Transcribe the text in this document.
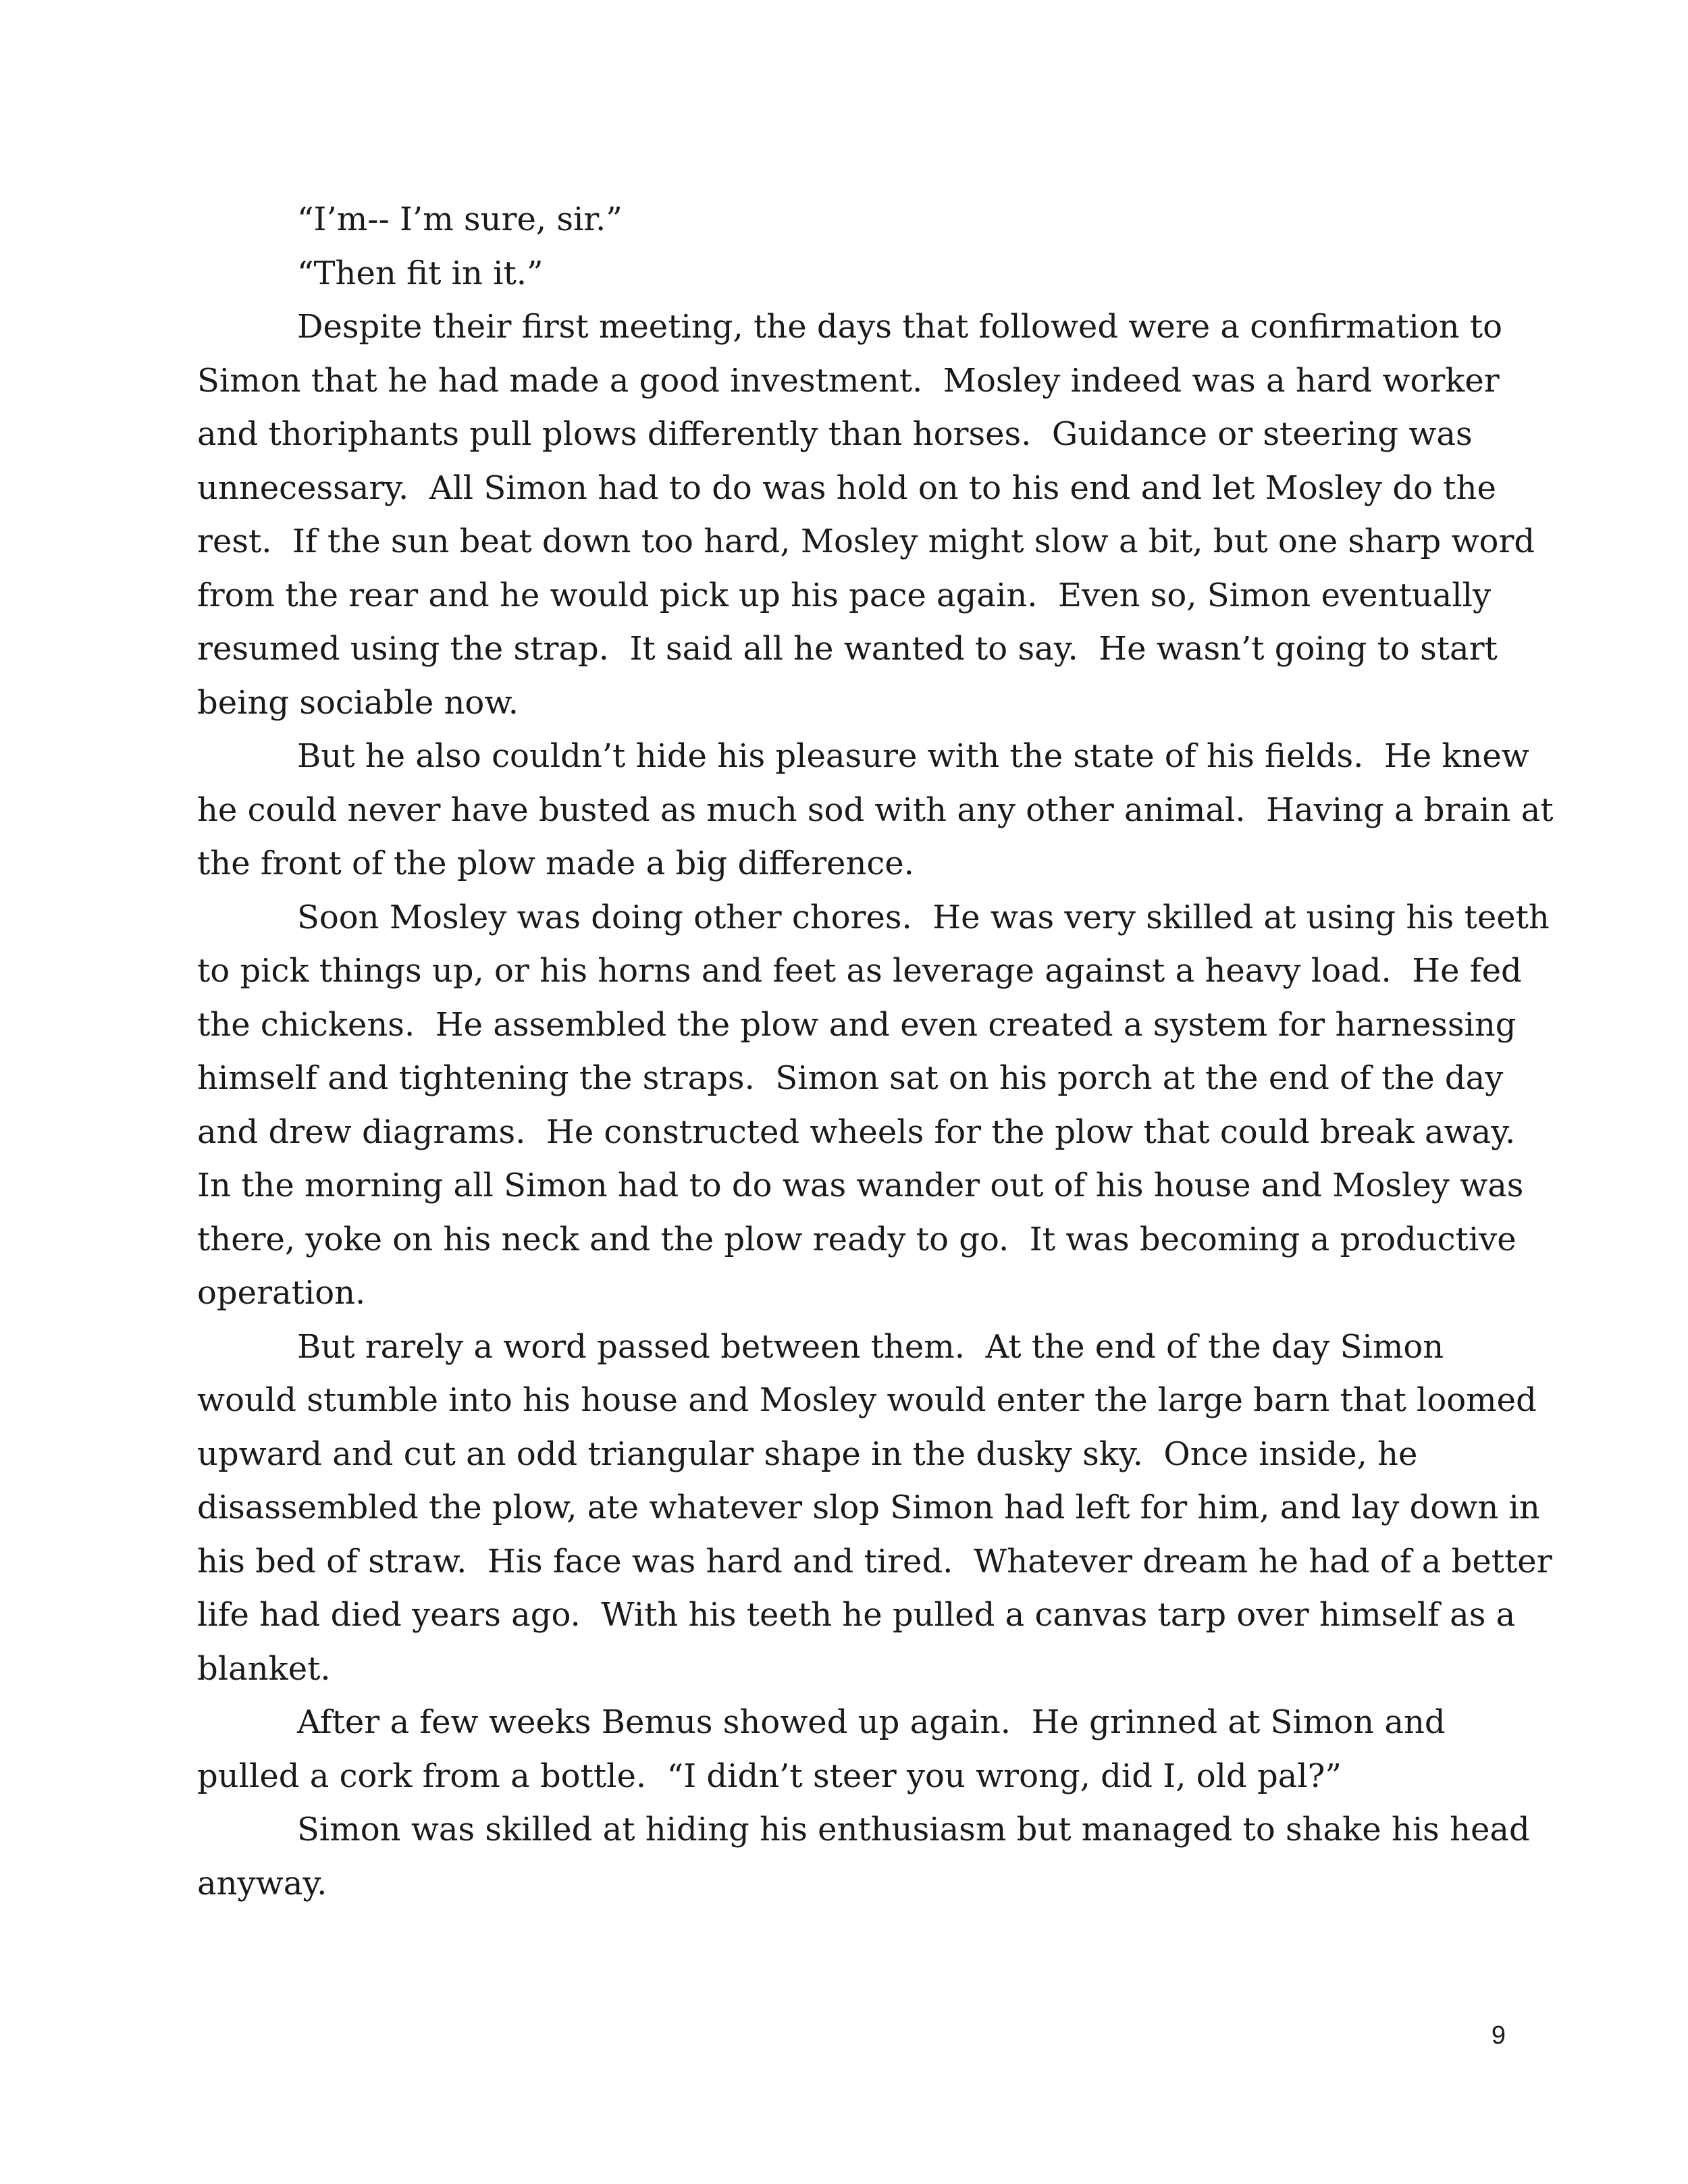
“I’m-- I’m sure, sir.”
“Then fit in it.”
Despite their first meeting, the days that followed were a confirmation to
Simon that he had made a good investment.  Mosley indeed was a hard worker
and thoriphants pull plows differently than horses.  Guidance or steering was
unnecessary.  All Simon had to do was hold on to his end and let Mosley do the
rest.  If the sun beat down too hard, Mosley might slow a bit, but one sharp word
from the rear and he would pick up his pace again.  Even so, Simon eventually
resumed using the strap.  It said all he wanted to say.  He wasn’t going to start
being sociable now.
But he also couldn’t hide his pleasure with the state of his fields.  He knew
he could never have busted as much sod with any other animal.  Having a brain at
the front of the plow made a big difference.
Soon Mosley was doing other chores.  He was very skilled at using his teeth
to pick things up, or his horns and feet as leverage against a heavy load.  He fed
the chickens.  He assembled the plow and even created a system for harnessing
himself and tightening the straps.  Simon sat on his porch at the end of the day
and drew diagrams.  He constructed wheels for the plow that could break away.
In the morning all Simon had to do was wander out of his house and Mosley was
there, yoke on his neck and the plow ready to go.  It was becoming a productive
operation.
But rarely a word passed between them.  At the end of the day Simon
would stumble into his house and Mosley would enter the large barn that loomed
upward and cut an odd triangular shape in the dusky sky.  Once inside, he
disassembled the plow, ate whatever slop Simon had left for him, and lay down in
his bed of straw.  His face was hard and tired.  Whatever dream he had of a better
life had died years ago.  With his teeth he pulled a canvas tarp over himself as a
blanket.
After a few weeks Bemus showed up again.  He grinned at Simon and
pulled a cork from a bottle.  “I didn’t steer you wrong, did I, old pal?”
Simon was skilled at hiding his enthusiasm but managed to shake his head
anyway.
9
